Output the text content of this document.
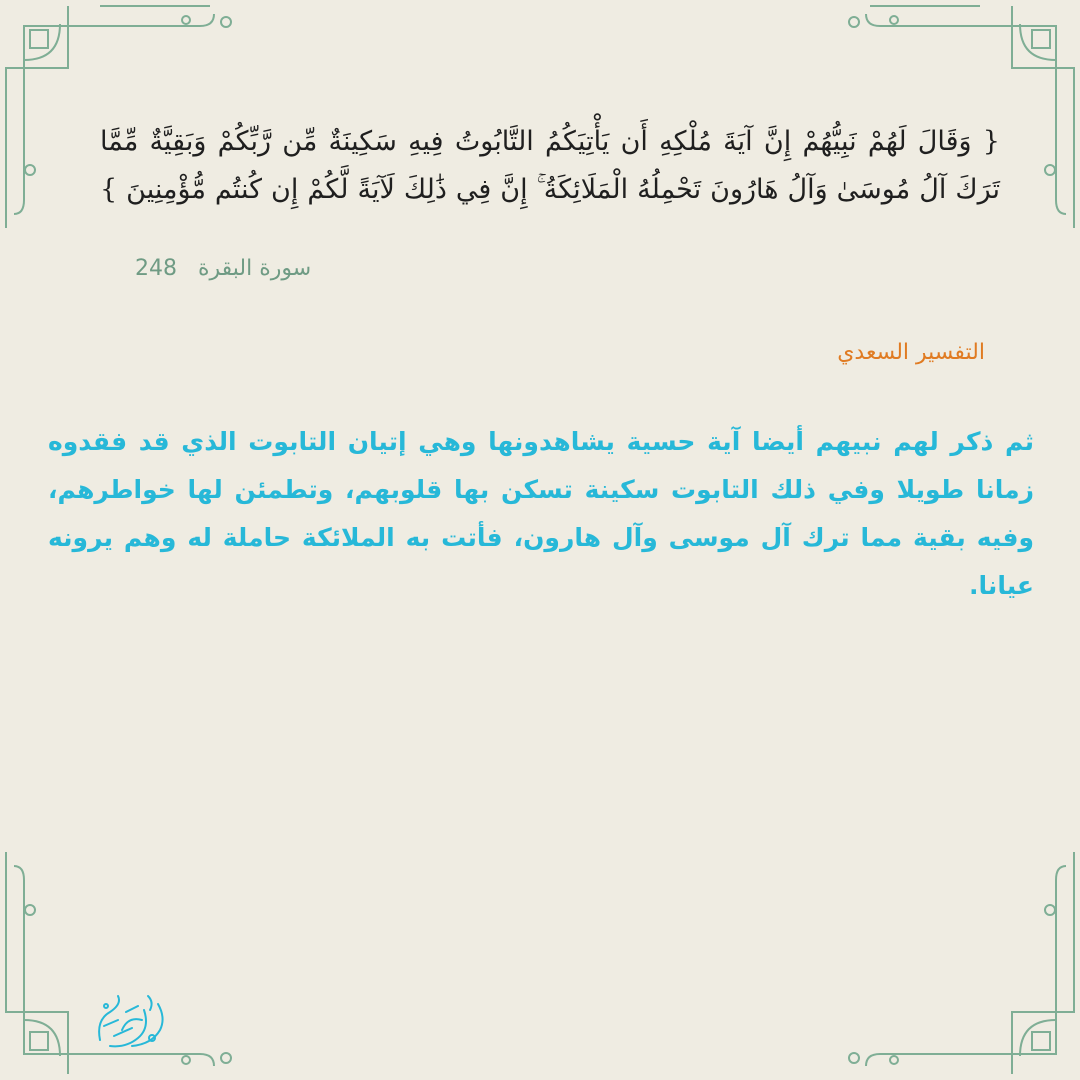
{ وَقَالَ لَهُمْ نَبِيُّهُمْ إِنَّ آيَةَ مُلْكِهِ أَن يَأْتِيَكُمُ التَّابُوتُ فِيهِ سَكِينَةٌ مِّن رَّبِّكُمْ وَبَقِيَّةٌ مِّمَّا تَرَكَ آلُ مُوسَىٰ وَآلُ هَارُونَ تَحْمِلُهُ الْمَلَائِكَةُ ۚ إِنَّ فِي ذَٰلِكَ لَآيَةً لَّكُمْ إِن كُنتُم مُّؤْمِنِينَ }
248 سورة البقرة
التفسير السعدي
ثم ذكر لهم نبيهم أيضا آية حسية يشاهدونها وهي إتيان التابوت الذي قد فقدوه زمانا طويلا وفي ذلك التابوت سكينة تسكن بها قلوبهم، وتطمئن لها خواطرهم، وفيه بقية مما ترك آل موسى وآل هارون، فأتت به الملائكة حاملة له وهم يرونه عيانا.
